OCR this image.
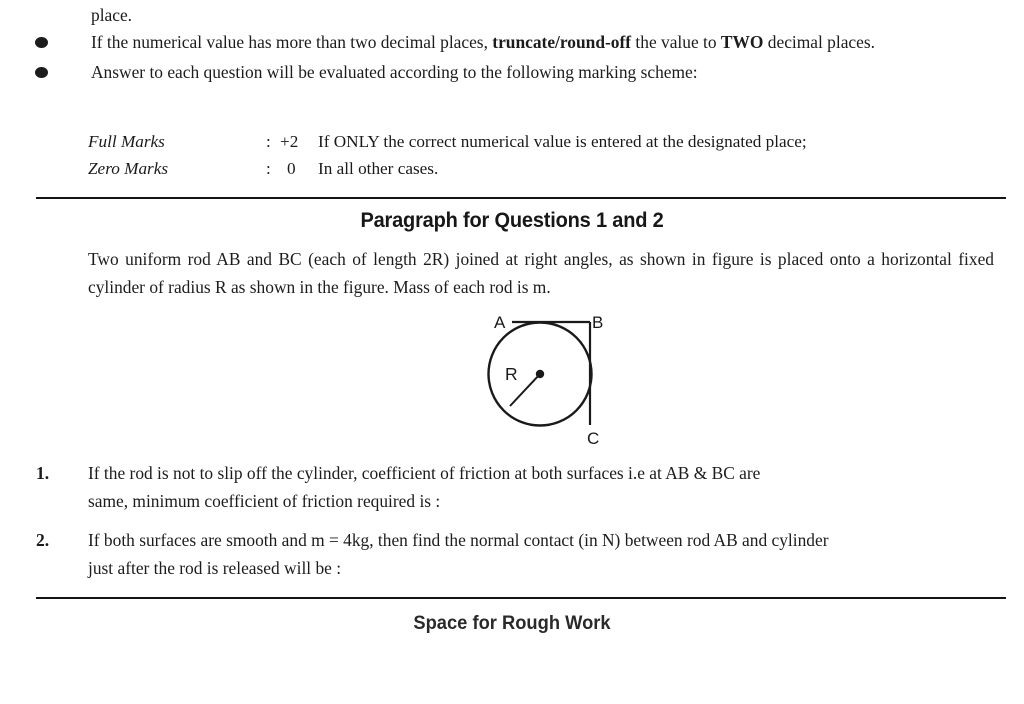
place.
If the numerical value has more than two decimal places, truncate/round-off the value to TWO decimal places.
Answer to each question will be evaluated according to the following marking scheme:
Full Marks	: +2	If ONLY the correct numerical value is entered at the designated place;
Zero Marks	: 0	In all other cases.
Paragraph for Questions 1 and 2
Two uniform rod AB and BC (each of length 2R) joined at right angles, as shown in figure is placed onto a horizontal fixed cylinder of radius R as shown in the figure. Mass of each rod is m.
A	B
C
R
1. If the rod is not to slip off the cylinder, coefficient of friction at both surfaces i.e at AB & BC are
same, minimum coefficient of friction required is :
2. If both surfaces are smooth and m = 4kg, then find the normal contact (in N) between rod AB and cylinder
just after the rod is released will be :
Space for Rough Work
